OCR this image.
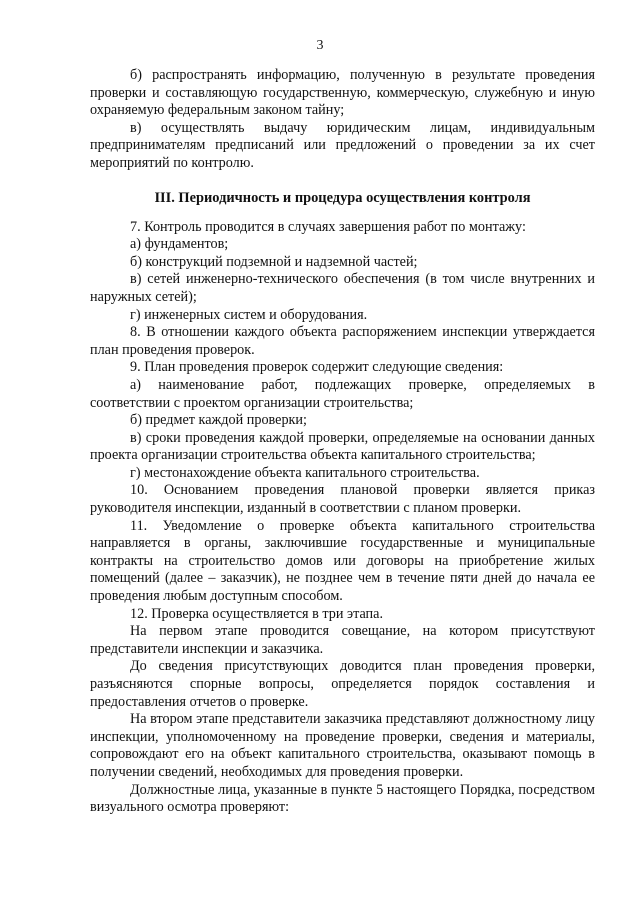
3

б) распространять информацию, полученную в результате проведения проверки и составляющую государственную, коммерческую, служебную и иную охраняемую федеральным законом тайну;

в) осуществлять выдачу юридическим лицам, индивидуальным предпринимателям предписаний или предложений о проведении за их счет мероприятий по контролю.

III. Периодичность и процедура осуществления контроля

7. Контроль проводится в случаях завершения работ по монтажу:

а) фундаментов;

б) конструкций подземной и надземной частей;

в) сетей инженерно-технического обеспечения (в том числе внутренних и наружных сетей);

г) инженерных систем и оборудования.

8. В отношении каждого объекта распоряжением инспекции утверждается план проведения проверок.

9. План проведения проверок содержит следующие сведения:

а) наименование работ, подлежащих проверке, определяемых в соответствии с проектом организации строительства;

б) предмет каждой проверки;

в) сроки проведения каждой проверки, определяемые на основании данных проекта организации строительства объекта капитального строительства;

г) местонахождение объекта капитального строительства.

10. Основанием проведения плановой проверки является приказ руководителя инспекции, изданный в соответствии с планом проверки.

11. Уведомление о проверке объекта капитального строительства направляется в органы, заключившие государственные и муниципальные контракты на строительство домов или договоры на приобретение жилых помещений (далее – заказчик), не позднее чем в течение пяти дней до начала ее проведения любым доступным способом.

12. Проверка осуществляется в три этапа.

На первом этапе проводится совещание, на котором присутствуют представители инспекции и заказчика.

До сведения присутствующих доводится план проведения проверки, разъясняются спорные вопросы, определяется порядок составления и предоставления отчетов о проверке.

На втором этапе представители заказчика представляют должностному лицу инспекции, уполномоченному на проведение проверки, сведения и материалы, сопровождают его на объект капитального строительства, оказывают помощь в получении сведений, необходимых для проведения проверки.

Должностные лица, указанные в пункте 5 настоящего Порядка, посредством визуального осмотра проверяют:
